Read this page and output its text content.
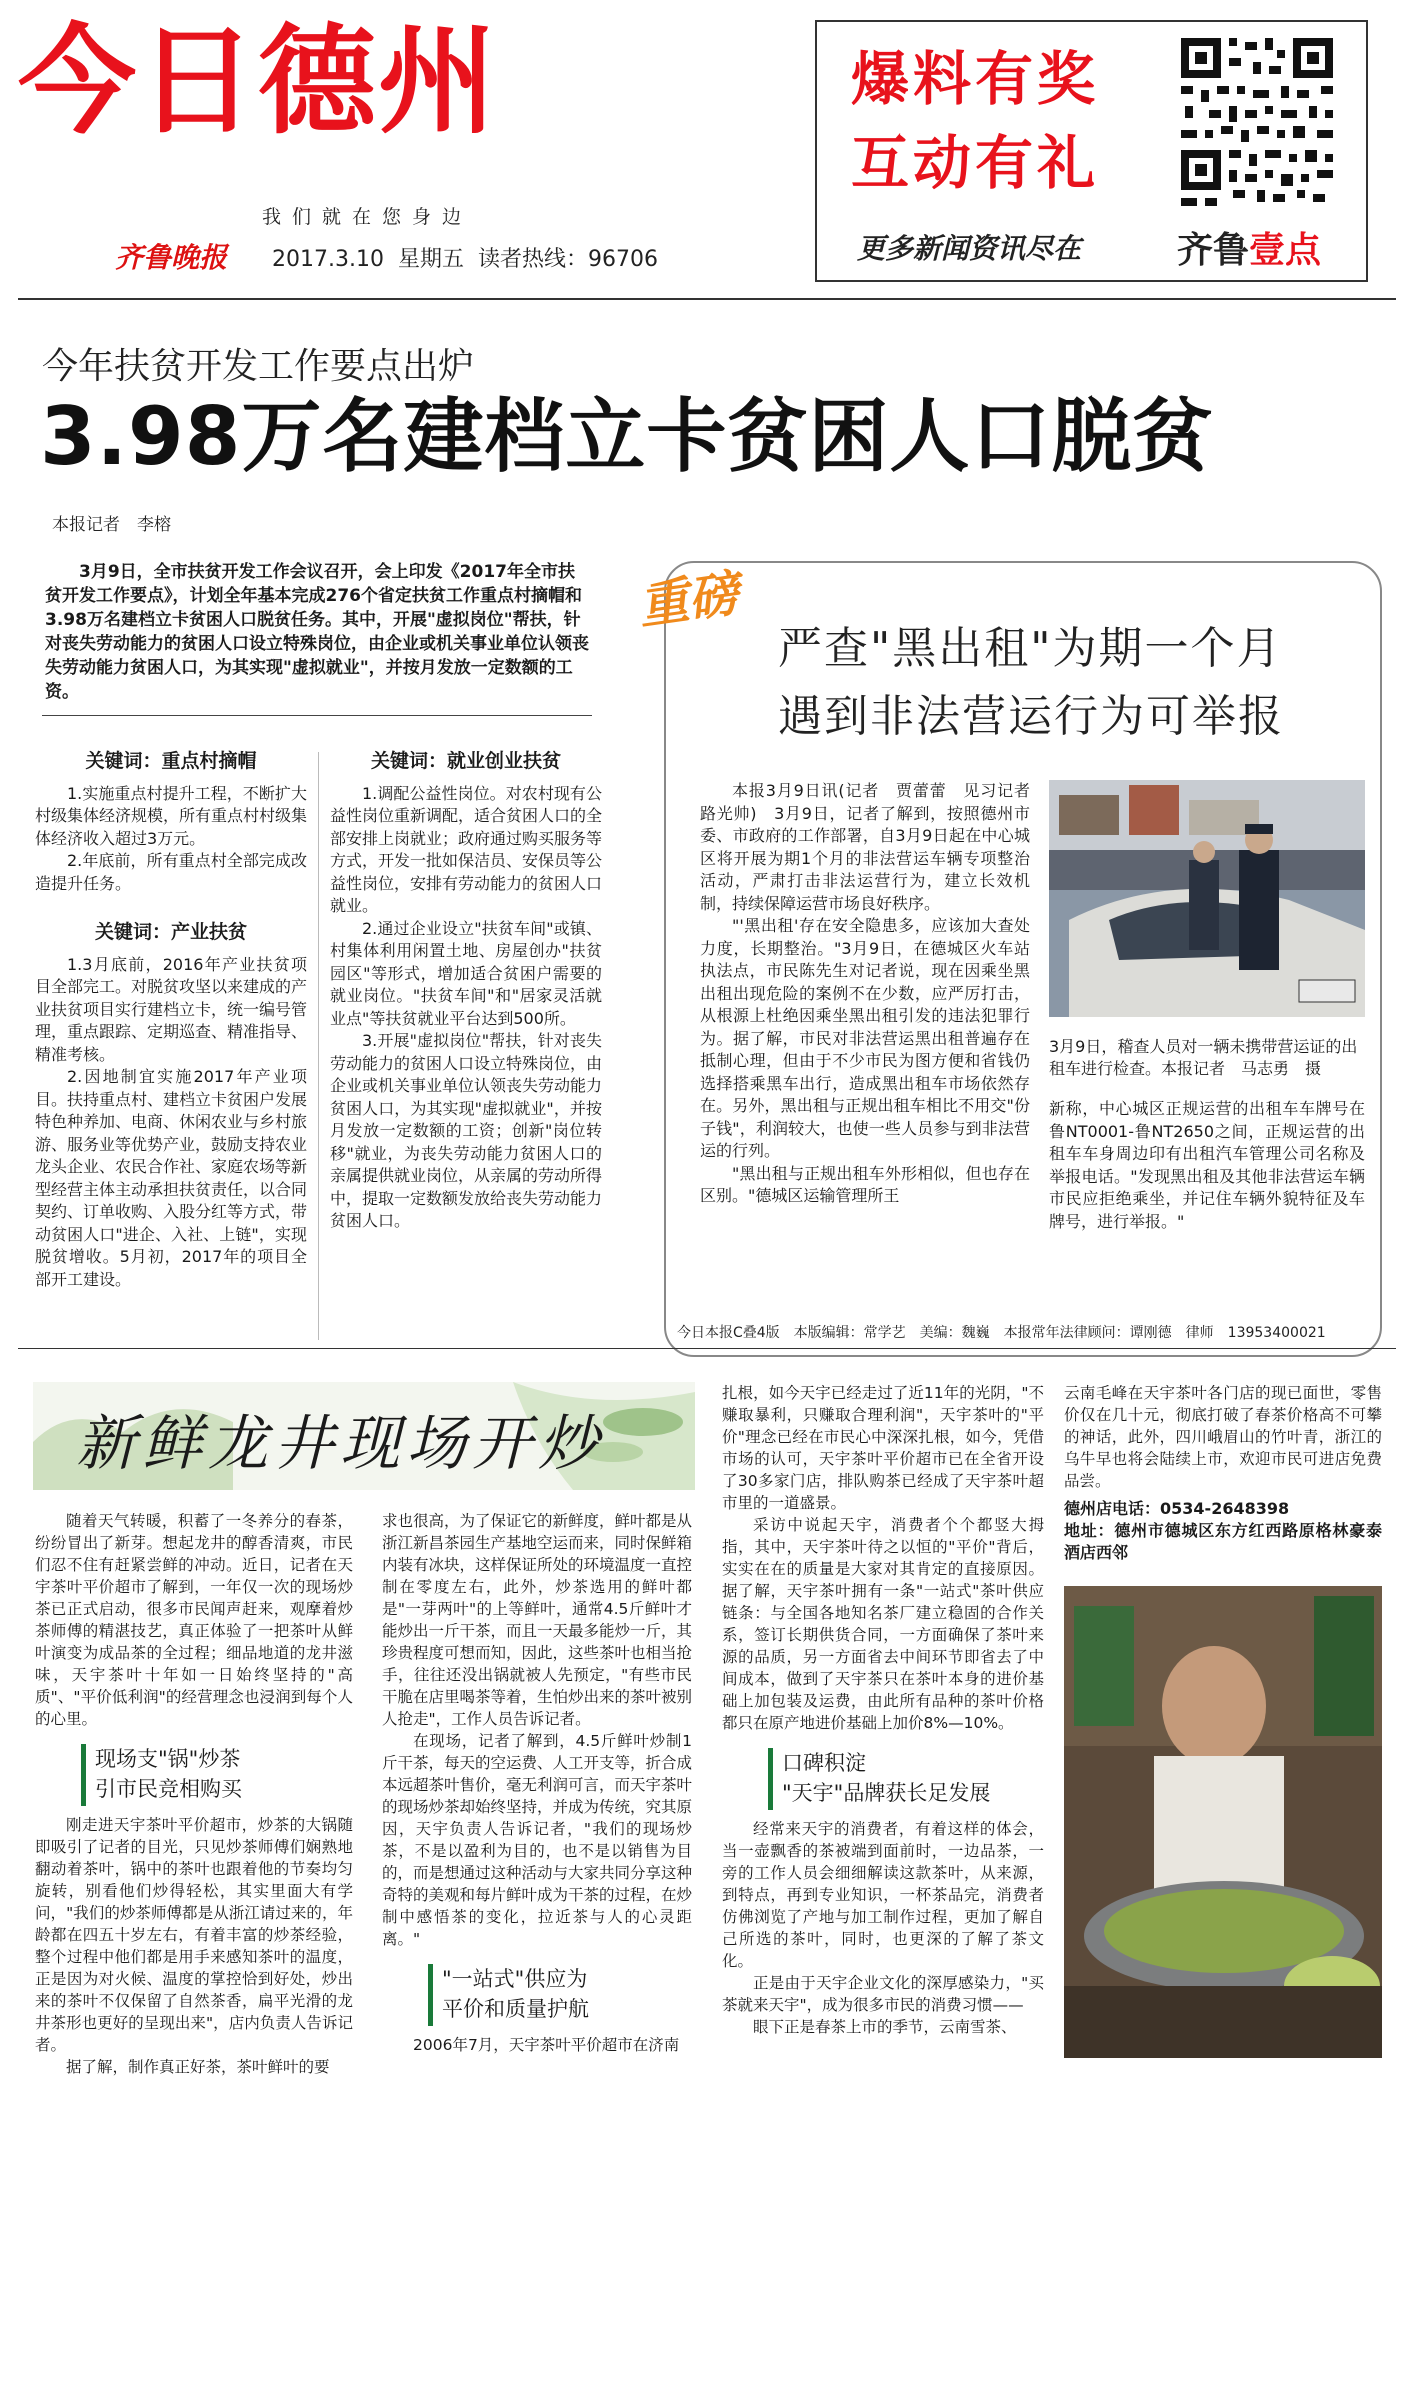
今日德州
我们就在您身边
齐鲁晚报 2017.3.10 星期五 读者热线：96706
爆料有奖
互动有礼
更多新闻资讯尽在	齐鲁壹点
今年扶贫开发工作要点出炉
3.98万名建档立卡贫困人口脱贫
本报记者　李榕
3月9日，全市扶贫开发工作会议召开，会上印发《2017年全市扶贫开发工作要点》，计划全年基本完成276个省定扶贫工作重点村摘帽和3.98万名建档立卡贫困人口脱贫任务。其中，开展"虚拟岗位"帮扶，针对丧失劳动能力的贫困人口设立特殊岗位，由企业或机关事业单位认领丧失劳动能力贫困人口，为其实现"虚拟就业"，并按月发放一定数额的工资。
关键词：重点村摘帽

1.实施重点村提升工程，不断扩大村级集体经济规模，所有重点村村级集体经济收入超过3万元。

2.年底前，所有重点村全部完成改造提升任务。

关键词：产业扶贫

1.3月底前，2016年产业扶贫项目全部完工。对脱贫攻坚以来建成的产业扶贫项目实行建档立卡，统一编号管理，重点跟踪、定期巡查、精准指导、精准考核。

2.因地制宜实施2017年产业项目。扶持重点村、建档立卡贫困户发展特色种养加、电商、休闲农业与乡村旅游、服务业等优势产业，鼓励支持农业龙头企业、农民合作社、家庭农场等新型经营主体主动承担扶贫责任，以合同契约、订单收购、入股分红等方式，带动贫困人口"进企、入社、上链"，实现脱贫增收。5月初，2017年的项目全部开工建设。

关键词：就业创业扶贫

1.调配公益性岗位。对农村现有公益性岗位重新调配，适合贫困人口的全部安排上岗就业；政府通过购买服务等方式，开发一批如保洁员、安保员等公益性岗位，安排有劳动能力的贫困人口就业。

2.通过企业设立"扶贫车间"或镇、村集体利用闲置土地、房屋创办"扶贫园区"等形式，增加适合贫困户需要的就业岗位。"扶贫车间"和"居家灵活就业点"等扶贫就业平台达到500所。

3.开展"虚拟岗位"帮扶，针对丧失劳动能力的贫困人口设立特殊岗位，由企业或机关事业单位认领丧失劳动能力贫困人口，为其实现"虚拟就业"，并按月发放一定数额的工资；创新"岗位转移"就业，为丧失劳动能力贫困人口的亲属提供就业岗位，从亲属的劳动所得中，提取一定数额发放给丧失劳动能力贫困人口。

重磅
严查"黑出租"为期一个月
遇到非法营运行为可举报

本报3月9日讯(记者　贾蕾蕾　见习记者　路光帅)　3月9日，记者了解到，按照德州市委、市政府的工作部署，自3月9日起在中心城区将开展为期1个月的非法营运车辆专项整治活动，严肃打击非法运营行为，建立长效机制，持续保障运营市场良好秩序。

"'黑出租'存在安全隐患多，应该加大查处力度，长期整治。"3月9日，在德城区火车站执法点，市民陈先生对记者说，现在因乘坐黑出租出现危险的案例不在少数，应严厉打击，从根源上杜绝因乘坐黑出租引发的违法犯罪行为。据了解，市民对非法营运黑出租普遍存在抵制心理，但由于不少市民为图方便和省钱仍选择搭乘黑车出行，造成黑出租车市场依然存在。另外，黑出租与正规出租车相比不用交"份子钱"，利润较大，也使一些人员参与到非法营运的行列。

"黑出租与正规出租车外形相似，但也存在区别。"德城区运输管理所王

3月9日，稽查人员对一辆未携带营运证的出租车进行检查。本报记者　马志勇　摄

新称，中心城区正规运营的出租车车牌号在鲁NT0001-鲁NT2650之间，正规运营的出租车车身周边印有出租汽车管理公司名称及举报电话。"发现黑出租及其他非法营运车辆市民应拒绝乘坐，并记住车辆外貌特征及车牌号，进行举报。"

今日本报C叠4版　本版编辑：常学艺　美编：魏巍　本报常年法律顾问：谭刚德　律师　13953400021
新鲜龙井现场开炒

随着天气转暖，积蓄了一冬养分的春茶，纷纷冒出了新芽。想起龙井的醇香清爽，市民们忍不住有赶紧尝鲜的冲动。近日，记者在天宇茶叶平价超市了解到，一年仅一次的现场炒茶已正式启动，很多市民闻声赶来，观摩着炒茶师傅的精湛技艺，真正体验了一把茶叶从鲜叶演变为成品茶的全过程；细品地道的龙井滋味，天宇茶叶十年如一日始终坚持的"高质"、"平价低利润"的经营理念也浸润到每个人的心里。

现场支"锅"炒茶
引市民竞相购买

刚走进天宇茶叶平价超市，炒茶的大锅随即吸引了记者的目光，只见炒茶师傅们娴熟地翻动着茶叶，锅中的茶叶也跟着他的节奏均匀旋转，别看他们炒得轻松，其实里面大有学问，"我们的炒茶师傅都是从浙江请过来的，年龄都在四五十岁左右，有着丰富的炒茶经验，整个过程中他们都是用手来感知茶叶的温度，正是因为对火候、温度的掌控恰到好处，炒出来的茶叶不仅保留了自然茶香，扁平光滑的龙井茶形也更好的呈现出来"，店内负责人告诉记者。

据了解，制作真正好茶，茶叶鲜叶的要

求也很高，为了保证它的新鲜度，鲜叶都是从浙江新昌茶园生产基地空运而来，同时保鲜箱内装有冰块，这样保证所处的环境温度一直控制在零度左右，此外，炒茶选用的鲜叶都是"一芽两叶"的上等鲜叶，通常4.5斤鲜叶才能炒出一斤干茶，而且一天最多能炒一斤，其珍贵程度可想而知，因此，这些茶叶也相当抢手，往往还没出锅就被人先预定，"有些市民干脆在店里喝茶等着，生怕炒出来的茶叶被别人抢走"，工作人员告诉记者。

在现场，记者了解到，4.5斤鲜叶炒制1斤干茶，每天的空运费、人工开支等，折合成本远超茶叶售价，毫无利润可言，而天宇茶叶的现场炒茶却始终坚持，并成为传统，究其原因，天宇负责人告诉记者，"我们的现场炒茶，不是以盈利为目的，也不是以销售为目的，而是想通过这种活动与大家共同分享这种奇特的美观和每片鲜叶成为干茶的过程，在炒制中感悟茶的变化，拉近茶与人的心灵距离。"

"一站式"供应为
平价和质量护航

2006年7月，天宇茶叶平价超市在济南

扎根，如今天宇已经走过了近11年的光阴，"不赚取暴利，只赚取合理利润"，天宇茶叶的"平价"理念已经在市民心中深深扎根，如今，凭借市场的认可，天宇茶叶平价超市已在全省开设了30多家门店，排队购茶已经成了天宇茶叶超市里的一道盛景。

采访中说起天宇，消费者个个都竖大拇指，其中，天宇茶叶待之以恒的"平价"背后，实实在在的质量是大家对其肯定的直接原因。据了解，天宇茶叶拥有一条"一站式"茶叶供应链条：与全国各地知名茶厂建立稳固的合作关系，签订长期供货合同，一方面确保了茶叶来源的品质，另一方面省去中间环节即省去了中间成本，做到了天宇茶只在茶叶本身的进价基础上加包装及运费，由此所有品种的茶叶价格都只在原产地进价基础上加价8%—10%。

口碑积淀
"天宇"品牌获长足发展

经常来天宇的消费者，有着这样的体会，当一壶飘香的茶被端到面前时，一边品茶，一旁的工作人员会细细解读这款茶叶，从来源，到特点，再到专业知识，一杯茶品完，消费者仿佛浏览了产地与加工制作过程，更加了解自己所选的茶叶，同时，也更深的了解了茶文化。

正是由于天宇企业文化的深厚感染力，"买茶就来天宇"，成为很多市民的消费习惯——

眼下正是春茶上市的季节，云南雪茶、

云南毛峰在天宇茶叶各门店的现已面世，零售价仅在几十元，彻底打破了春茶价格高不可攀的神话，此外，四川峨眉山的竹叶青，浙江的乌牛早也将会陆续上市，欢迎市民可进店免费品尝。

德州店电话：0534-2648398
地址：德州市德城区东方红西路原格林豪泰酒店西邻
